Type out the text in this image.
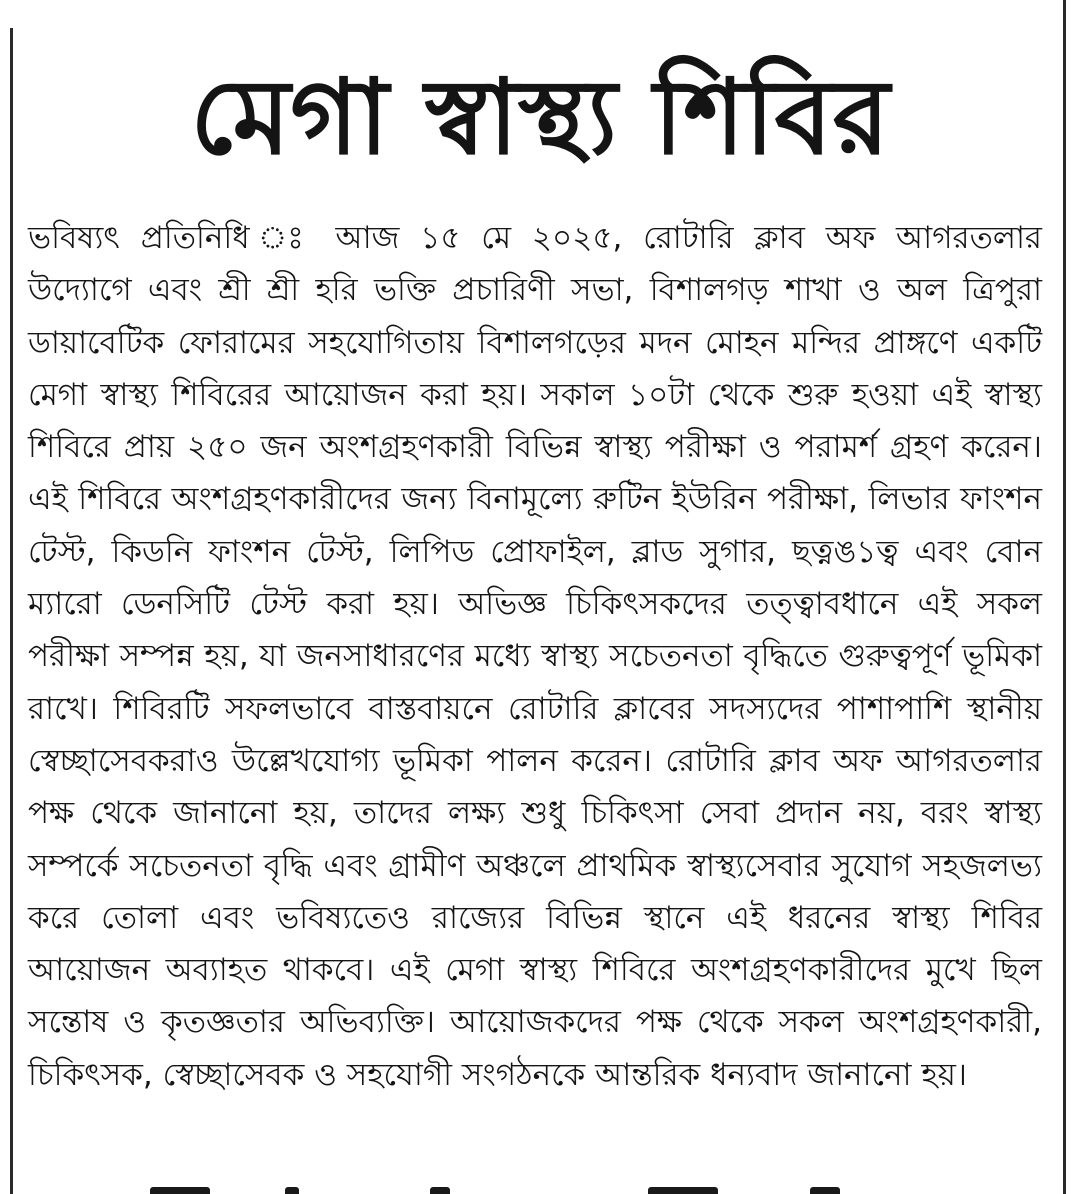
মেগা স্বাস্থ্য শিবির

ভবিষ্যৎ প্রতিনিধি ঃ আজ ১৫ মে ২০২৫, রোটারি ক্লাব অফ আগরতলার উদ্যোগে এবং শ্রী শ্রী হরি ভক্তি প্রচারিণী সভা, বিশালগড় শাখা ও অল ত্রিপুরা ডায়াবেটিক ফোরামের সহযোগিতায় বিশালগড়ের মদন মোহন মন্দির প্রাঙ্গণে একটি মেগা স্বাস্থ্য শিবিরের আয়োজন করা হয়। সকাল ১০টা থেকে শুরু হওয়া এই স্বাস্থ্য শিবিরে প্রায় ২৫০ জন অংশগ্রহণকারী বিভিন্ন স্বাস্থ্য পরীক্ষা ও পরামর্শ গ্রহণ করেন। এই শিবিরে অংশগ্রহণকারীদের জন্য বিনামূল্যে রুটিন ইউরিন পরীক্ষা, লিভার ফাংশন টেস্ট, কিডনি ফাংশন টেস্ট, লিপিড প্রোফাইল, ব্লাড সুগার, ছত্নঙ১ত্ব এবং বোন ম্যারো ডেনসিটি টেস্ট করা হয়। অভিজ্ঞ চিকিৎসকদের তত্ত্বাবধানে এই সকল পরীক্ষা সম্পন্ন হয়, যা জনসাধারণের মধ্যে স্বাস্থ্য সচেতনতা বৃদ্ধিতে গুরুত্বপূর্ণ ভূমিকা রাখে। শিবিরটি সফলভাবে বাস্তবায়নে রোটারি ক্লাবের সদস্যদের পাশাপাশি স্থানীয় স্বেচ্ছাসেবকরাও উল্লেখযোগ্য ভূমিকা পালন করেন। রোটারি ক্লাব অফ আগরতলার পক্ষ থেকে জানানো হয়, তাদের লক্ষ্য শুধু চিকিৎসা সেবা প্রদান নয়, বরং স্বাস্থ্য সম্পর্কে সচেতনতা বৃদ্ধি এবং গ্রামীণ অঞ্চলে প্রাথমিক স্বাস্থ্যসেবার সুযোগ সহজলভ্য করে তোলা এবং ভবিষ্যতেও রাজ্যের বিভিন্ন স্থানে এই ধরনের স্বাস্থ্য শিবির আয়োজন অব্যাহত থাকবে। এই মেগা স্বাস্থ্য শিবিরে অংশগ্রহণকারীদের মুখে ছিল সন্তোষ ও কৃতজ্ঞতার অভিব্যক্তি। আয়োজকদের পক্ষ থেকে সকল অংশগ্রহণকারী, চিকিৎসক, স্বেচ্ছাসেবক ও সহযোগী সংগঠনকে আন্তরিক ধন্যবাদ জানানো হয়।
